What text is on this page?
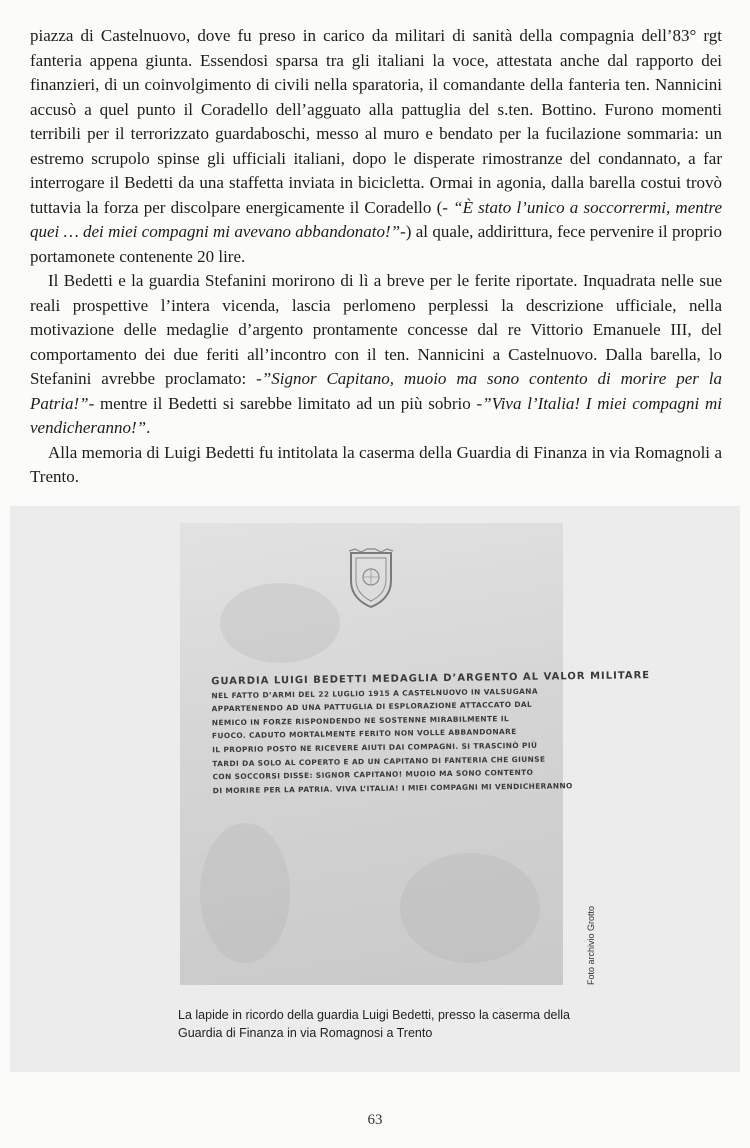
piazza di Castelnuovo, dove fu preso in carico da militari di sanità della compagnia dell’83° rgt fanteria appena giunta. Essendosi sparsa tra gli italiani la voce, attestata anche dal rapporto dei finanzieri, di un coinvolgimento di civili nella sparatoria, il comandante della fanteria ten. Nannicini accusò a quel punto il Coradello dell’agguato alla pattuglia del s.ten. Bottino. Furono momenti terribili per il terrorizzato guardaboschi, messo al muro e bendato per la fucilazione sommaria: un estremo scrupolo spinse gli ufficiali italiani, dopo le disperate rimostranze del condannato, a far interrogare il Bedetti da una staffetta inviata in bicicletta. Ormai in agonia, dalla barella costui trovò tuttavia la forza per discolpare energicamente il Coradello (- “È stato l’unico a soccorrermi, mentre quei … dei miei compagni mi avevano abbandonato!”-) al quale, addirittura, fece pervenire il proprio portamonete contenente 20 lire.

Il Bedetti e la guardia Stefanini morirono di lì a breve per le ferite riportate. Inquadrata nelle sue reali prospettive l’intera vicenda, lascia perlomeno perplessi la descrizione ufficiale, nella motivazione delle medaglie d’argento prontamente concesse dal re Vittorio Emanuele III, del comportamento dei due feriti all’incontro con il ten. Nannicini a Castelnuovo. Dalla barella, lo Stefanini avrebbe proclamato: -”Signor Capitano, muoio ma sono contento di morire per la Patria!”- mentre il Bedetti si sarebbe limitato ad un più sobrio -”Viva l’Italia! I miei compagni mi vendicheranno!”.

Alla memoria di Luigi Bedetti fu intitolata la caserma della Guardia di Finanza in via Romagnoli a Trento.

GUARDIA LUIGI BEDETTI MEDAGLIA D’ARGENTO AL VALOR MILITARE
NEL FATTO D’ARMI DEL 22 LUGLIO 1915 A CASTELNUOVO IN VALSUGANA
APPARTENENDO AD UNA PATTUGLIA DI ESPLORAZIONE ATTACCATO DAL
NEMICO IN FORZE RISPONDENDO NE SOSTENNE MIRABILMENTE IL
FUOCO. CADUTO MORTALMENTE FERITO NON VOLLE ABBANDONARE
IL PROPRIO POSTO NE RICEVERE AIUTI DAI COMPAGNI. SI TRASCINÒ PIÙ
TARDI DA SOLO AL COPERTO E AD UN CAPITANO DI FANTERIA CHE GIUNSE
CON SOCCORSI DISSE: SIGNOR CAPITANO! MUOIO MA SONO CONTENTO
DI MORIRE PER LA PATRIA. VIVA L’ITALIA! I MIEI COMPAGNI MI VENDICHERANNO
Foto archivio Grotto
La lapide in ricordo della guardia Luigi Bedetti, presso la caserma della Guardia di Finanza in via Romagnosi a Trento
63
